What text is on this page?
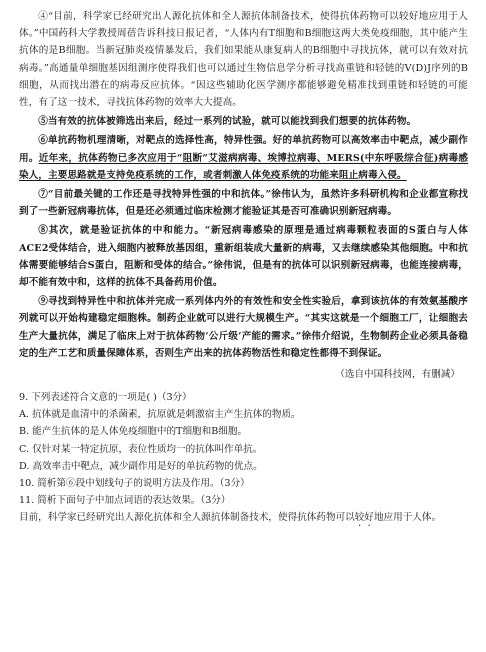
④“目前，科学家已经研究出人源化抗体和全人源抗体制备技术，使得抗体药物可以较好地应用于人体。”中国药科大学教授周蓓告诉科技日报记者，“人体内有T细胞和B细胞这两大类免疫细胞，其中能产生抗体的是B细胞。当新冠肺炎疫情暴发后，我们如果能从康复病人的B细胞中寻找抗体，就可以有效对抗病毒。”高通量单细胞基因组测序使得我们也可以通过生物信息学分析寻找高重链和轻链的V(D)J序列的B细胞，从而找出潜在的病毒反应抗体。“因这些辅助化医学测序都能够避免精准找到重链和轻链的可能性，有了这一技术，寻找抗体药物的效率大大提高。

⑤当有效的抗体被筛选出来后，经过一系列的试验，就可以能找到我们想要的抗体药物。

⑥单抗药物机理清晰，对靶点的选择性高，特异性强。好的单抗药物可以高效率击中靶点，减少副作用。近年来，抗体药物已多次应用于“阻断”艾滋病病毒、埃博拉病毒、MERS(中东呼吸综合征)病毒感染人，主要思路就是支持免疫系统的工作，或者刺激人体免疫系统的功能来阻止病毒入侵。

⑦“目前最关键的工作还是寻找特异性强的中和抗体。”徐伟认为，虽然许多科研机构和企业都宣称找到了一些新冠病毒抗体，但是还必须通过临床检测才能验证其是否可准确识别新冠病毒。

⑧其次，就是验证抗体的中和能力。“新冠病毒感染的原理是通过病毒颗粒表面的S蛋白与人体ACE2受体结合，进入细胞内被释放基因组，重新组装成大量新的病毒，又去继续感染其他细胞。中和抗体需要能够结合S蛋白，阻断和受体的结合。”徐伟说，但是有的抗体可以识别新冠病毒，也能连接病毒，却不能有效中和，这样的抗体不具备药用价值。

⑨寻找到特异性中和抗体并完成一系列体内外的有效性和安全性实验后，拿到该抗体的有效氨基酸序列就可以开始构建稳定细胞株。制药企业就可以进行大规模生产。“其实这就是一个细胞工厂，让细胞去生产大量抗体，满足了临床上对于抗体药物‘公斤级’产能的需求。”徐伟介绍说，生物制药企业必须具备稳定的生产工艺和质量保障体系，否则生产出来的抗体药物活性和稳定性都得不到保证。

（选自中国科技网，有删减）

9. 下列表述符合文意的一项是( )（3分）

A. 抗体就是血清中的杀菌素，抗原就是刺激宿主产生抗体的物质。

B. 能产生抗体的是人体免疫细胞中的T细胞和B细胞。

C. 仅针对某一特定抗原，表位性质均一的抗体叫作单抗。

D. 高效率击中靶点，减少副作用是好的单抗药物的优点。

10. 简析第⑥段中划线句子的说明方法及作用。（3分）

11. 简析下面句子中加点词语的表达效果。（3分）

目前，科学家已经研究出人源化抗体和全人源抗体制备技术，使得抗体药物可以较好地应用于人体。
